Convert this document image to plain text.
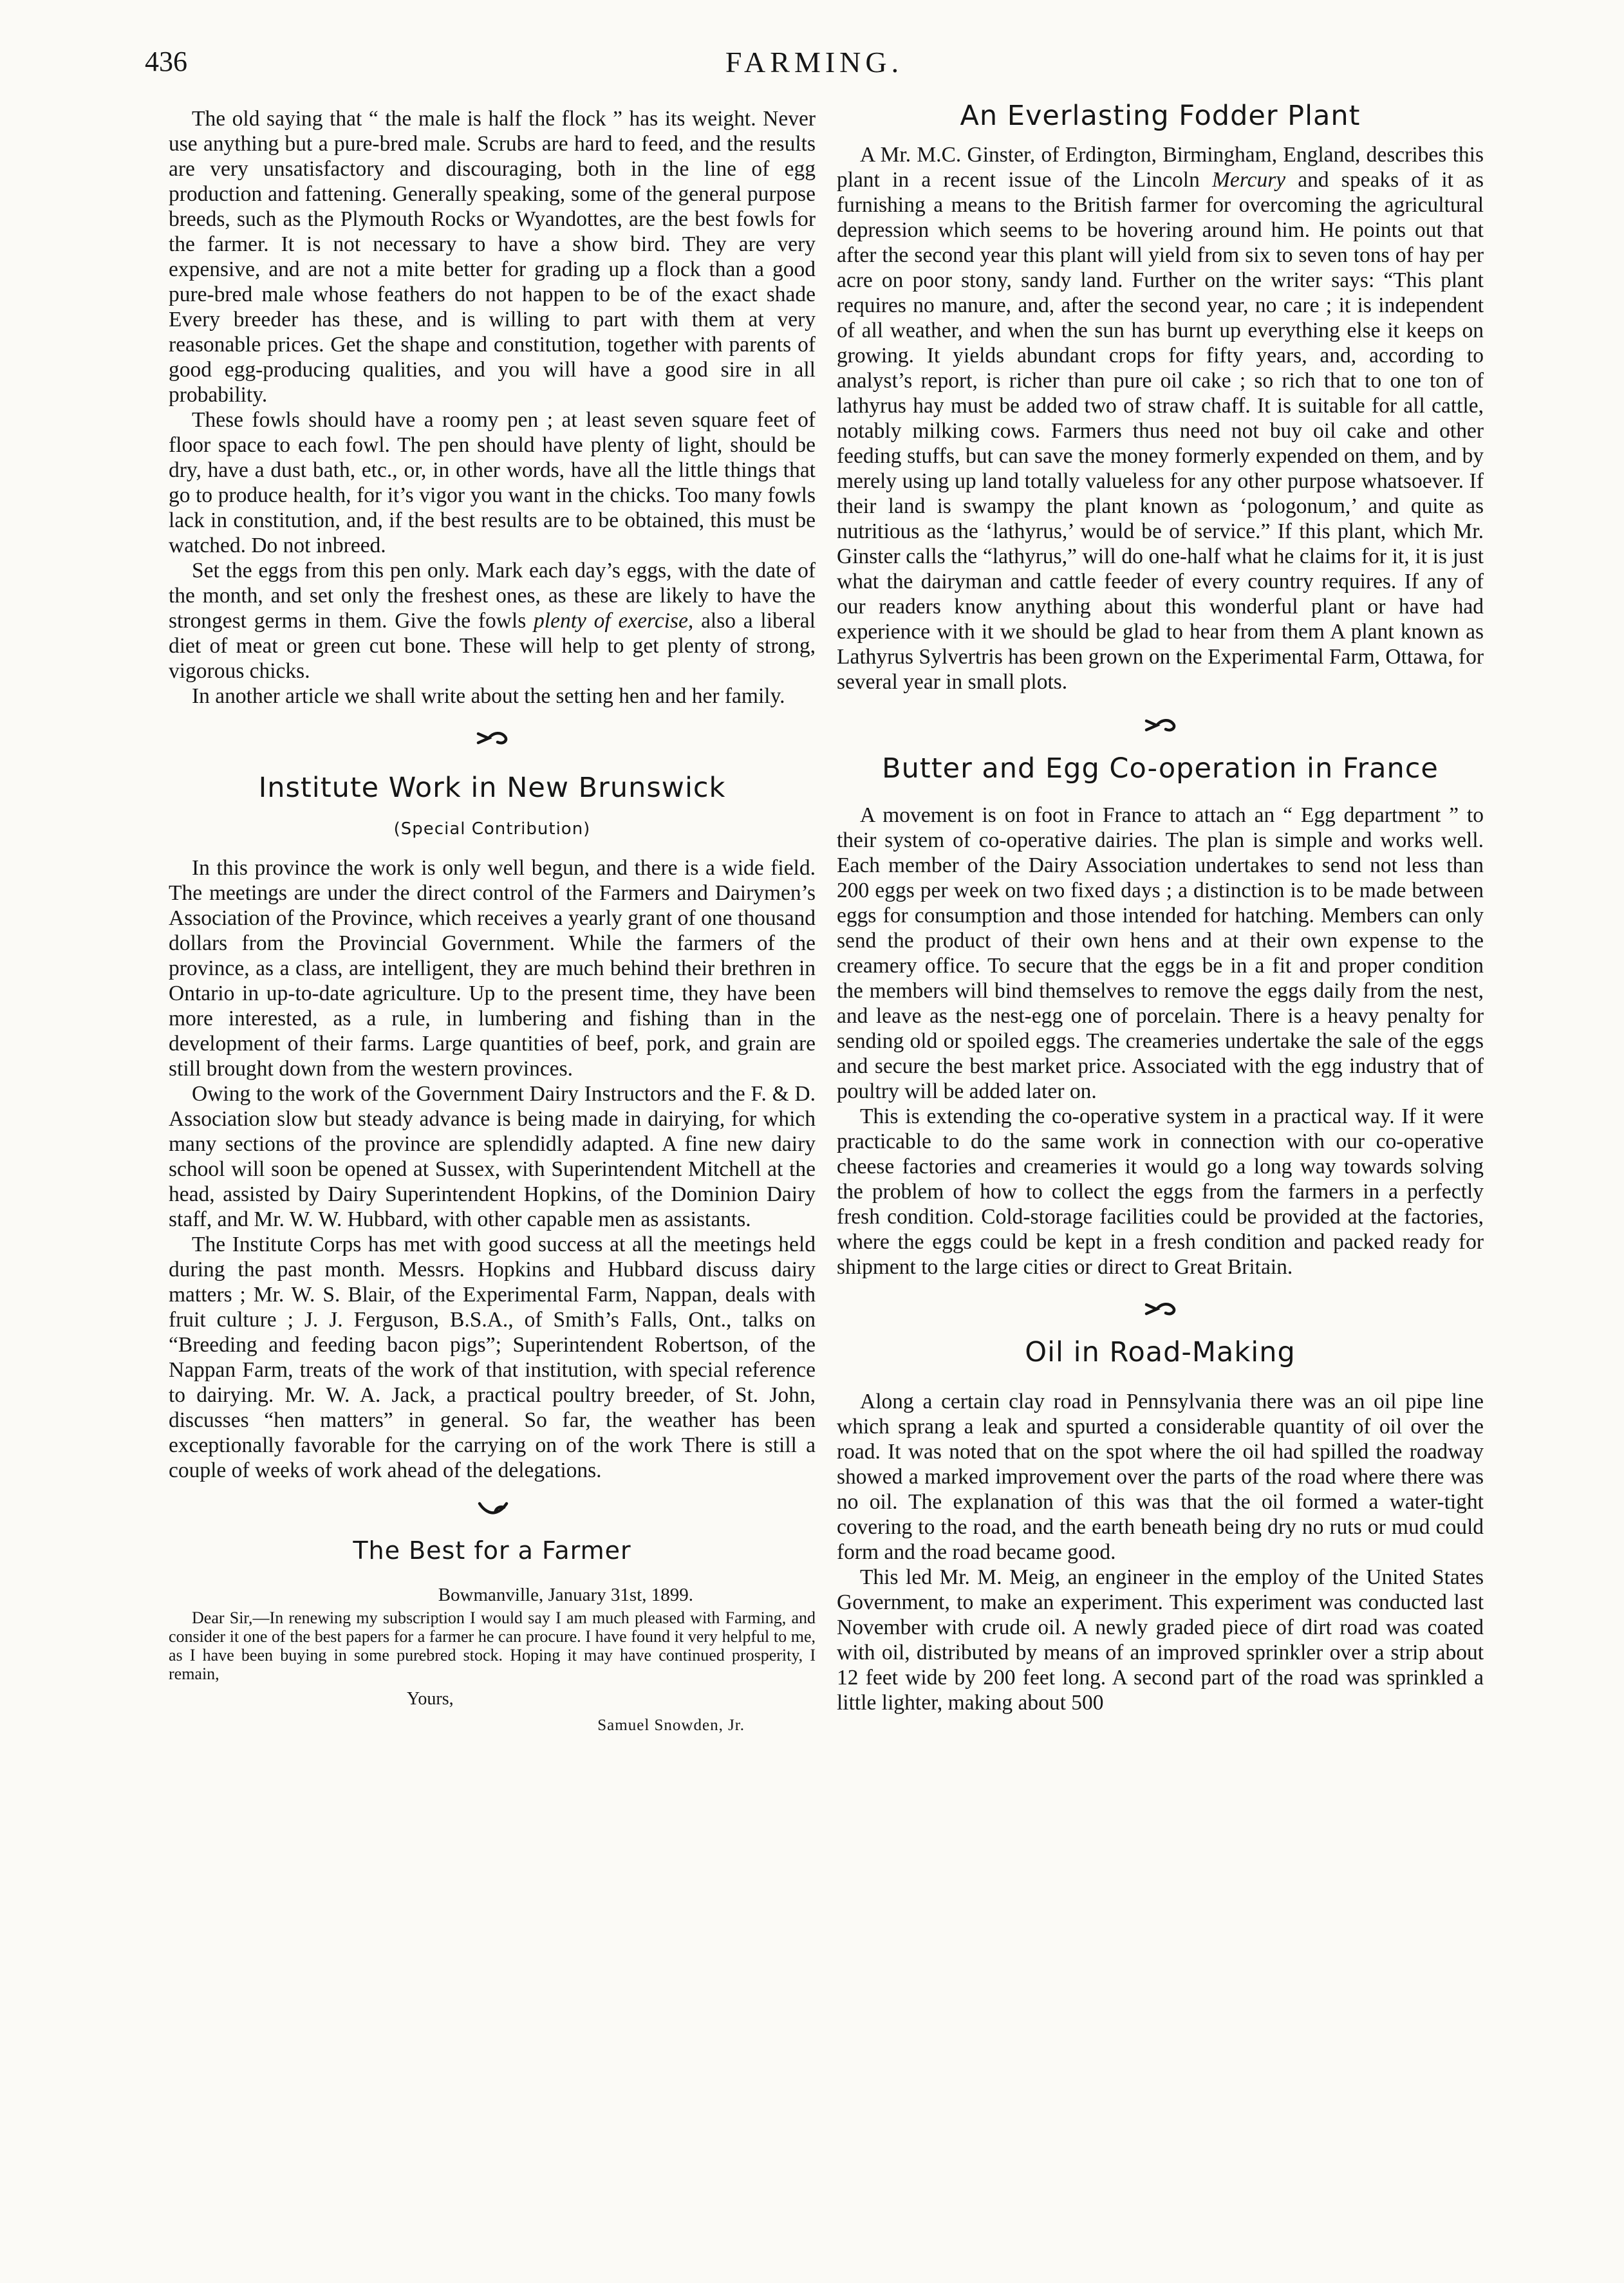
436	FARMING.

The old saying that “ the male is half the flock ” has its weight. Never use anything but a pure-bred male. Scrubs are hard to feed, and the results are very unsatisfactory and discouraging, both in the line of egg production and fattening. Generally speaking, some of the general purpose breeds, such as the Plymouth Rocks or Wyandottes, are the best fowls for the farmer. It is not necessary to have a show bird. They are very expensive, and are not a mite better for grading up a flock than a good pure-bred male whose feathers do not happen to be of the exact shade Every breeder has these, and is willing to part with them at very reasonable prices. Get the shape and constitution, together with parents of good egg-producing qualities, and you will have a good sire in all probability.

These fowls should have a roomy pen ; at least seven square feet of floor space to each fowl. The pen should have plenty of light, should be dry, have a dust bath, etc., or, in other words, have all the little things that go to produce health, for it’s vigor you want in the chicks. Too many fowls lack in constitution, and, if the best results are to be obtained, this must be watched. Do not inbreed.

Set the eggs from this pen only. Mark each day’s eggs, with the date of the month, and set only the freshest ones, as these are likely to have the strongest germs in them. Give the fowls plenty of exercise, also a liberal diet of meat or green cut bone. These will help to get plenty of strong, vigorous chicks.

In another article we shall write about the setting hen and her family.

Institute Work in New Brunswick
(Special Contribution)

In this province the work is only well begun, and there is a wide field. The meetings are under the direct control of the Farmers and Dairymen’s Association of the Province, which receives a yearly grant of one thousand dollars from the Provincial Government. While the farmers of the province, as a class, are intelligent, they are much behind their brethren in Ontario in up-to-date agriculture. Up to the present time, they have been more interested, as a rule, in lumbering and fishing than in the development of their farms. Large quantities of beef, pork, and grain are still brought down from the western provinces.

Owing to the work of the Government Dairy Instructors and the F. & D. Association slow but steady advance is being made in dairying, for which many sections of the province are splendidly adapted. A fine new dairy school will soon be opened at Sussex, with Superintendent Mitchell at the head, assisted by Dairy Superintendent Hopkins, of the Dominion Dairy staff, and Mr. W. W. Hubbard, with other capable men as assistants.

The Institute Corps has met with good success at all the meetings held during the past month. Messrs. Hopkins and Hubbard discuss dairy matters ; Mr. W. S. Blair, of the Experimental Farm, Nappan, deals with fruit culture ; J. J. Ferguson, B.S.A., of Smith’s Falls, Ont., talks on “Breeding and feeding bacon pigs”; Superintendent Robertson, of the Nappan Farm, treats of the work of that institution, with special reference to dairying. Mr. W. A. Jack, a practical poultry breeder, of St. John, discusses “hen matters” in general. So far, the weather has been exceptionally favorable for the carrying on of the work There is still a couple of weeks of work ahead of the delegations.

The Best for a Farmer

Bowmanville, January 31st, 1899.

Dear Sir,—In renewing my subscription I would say I am much pleased with Farming, and consider it one of the best papers for a farmer he can procure. I have found it very helpful to me, as I have been buying in some purebred stock. Hoping it may have continued prosperity, I remain,

Yours,

Samuel Snowden, Jr.

An Everlasting Fodder Plant

A Mr. M.C. Ginster, of Erdington, Birmingham, England, describes this plant in a recent issue of the Lincoln Mercury and speaks of it as furnishing a means to the British farmer for overcoming the agricultural depression which seems to be hovering around him. He points out that after the second year this plant will yield from six to seven tons of hay per acre on poor stony, sandy land. Further on the writer says: “This plant requires no manure, and, after the second year, no care ; it is independent of all weather, and when the sun has burnt up everything else it keeps on growing. It yields abundant crops for fifty years, and, according to analyst’s report, is richer than pure oil cake ; so rich that to one ton of lathyrus hay must be added two of straw chaff. It is suitable for all cattle, notably milking cows. Farmers thus need not buy oil cake and other feeding stuffs, but can save the money formerly expended on them, and by merely using up land totally valueless for any other purpose whatsoever. If their land is swampy the plant known as ‘pologonum,’ and quite as nutritious as the ‘lathyrus,’ would be of service.” If this plant, which Mr. Ginster calls the “lathyrus,” will do one-half what he claims for it, it is just what the dairyman and cattle feeder of every country requires. If any of our readers know anything about this wonderful plant or have had experience with it we should be glad to hear from them A plant known as Lathyrus Sylvertris has been grown on the Experimental Farm, Ottawa, for several year in small plots.

Butter and Egg Co-operation in France

A movement is on foot in France to attach an “ Egg department ” to their system of co-operative dairies. The plan is simple and works well. Each member of the Dairy Association undertakes to send not less than 200 eggs per week on two fixed days ; a distinction is to be made between eggs for consumption and those intended for hatching. Members can only send the product of their own hens and at their own expense to the creamery office. To secure that the eggs be in a fit and proper condition the members will bind themselves to remove the eggs daily from the nest, and leave as the nest-egg one of porcelain. There is a heavy penalty for sending old or spoiled eggs. The creameries undertake the sale of the eggs and secure the best market price. Associated with the egg industry that of poultry will be added later on.

This is extending the co-operative system in a practical way. If it were practicable to do the same work in connection with our co-operative cheese factories and creameries it would go a long way towards solving the problem of how to collect the eggs from the farmers in a perfectly fresh condition. Cold-storage facilities could be provided at the factories, where the eggs could be kept in a fresh condition and packed ready for shipment to the large cities or direct to Great Britain.

Oil in Road-Making

Along a certain clay road in Pennsylvania there was an oil pipe line which sprang a leak and spurted a considerable quantity of oil over the road. It was noted that on the spot where the oil had spilled the roadway showed a marked improvement over the parts of the road where there was no oil. The explanation of this was that the oil formed a water-tight covering to the road, and the earth beneath being dry no ruts or mud could form and the road became good.

This led Mr. M. Meig, an engineer in the employ of the United States Government, to make an experiment. This experiment was conducted last November with crude oil. A newly graded piece of dirt road was coated with oil, distributed by means of an improved sprinkler over a strip about 12 feet wide by 200 feet long. A second part of the road was sprinkled a little lighter, making about 500
